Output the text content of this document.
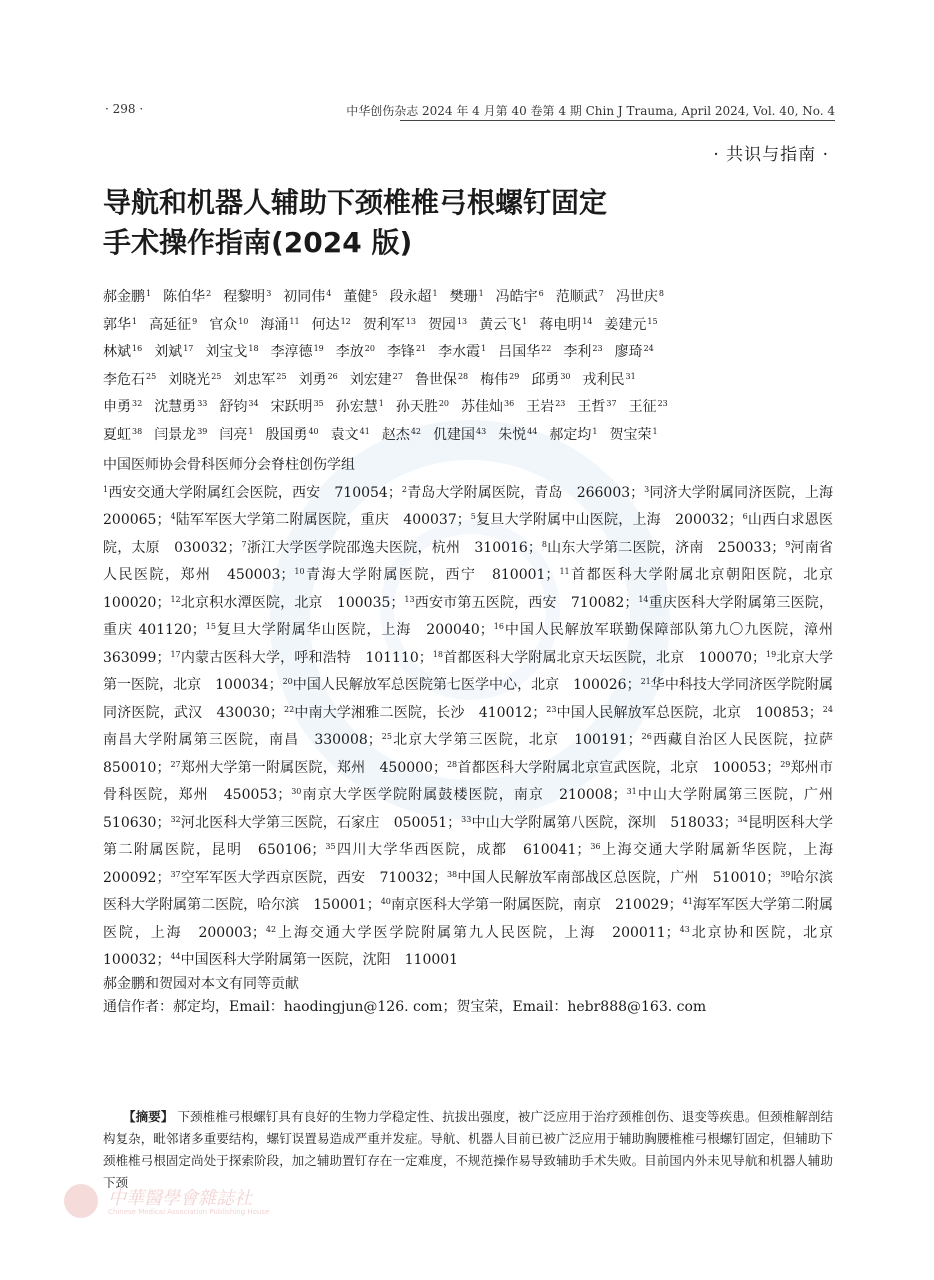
· 298 ·	中华创伤杂志 2024 年 4 月第 40 卷第 4 期 Chin J Trauma, April 2024, Vol. 40, No. 4
· 共识与指南 ·
导航和机器人辅助下颈椎椎弓根螺钉固定
手术操作指南(2024 版)
郝金鹏$^1$ 陈伯华$^2$ 程黎明$^3$ 初同伟$^4$ 董健$^5$ 段永超$^1$ 樊珊$^1$ 冯皓宇$^6$ 范顺武$^7$ 冯世庆$^8$郭华$^1$ 高延征$^9$ 官众$^{10}$ 海涌$^{11}$ 何达$^{12}$ 贺利军$^{13}$ 贺园$^{13}$ 黄云飞$^1$ 蒋电明$^{14}$ 姜建元$^{15}$林斌$^{16}$ 刘斌$^{17}$ 刘宝戈$^{18}$ 李淳德$^{19}$ 李放$^{20}$ 李锋$^{21}$ 李水霞$^1$ 吕国华$^{22}$ 李利$^{23}$ 廖琦$^{24}$李危石$^{25}$ 刘晓光$^{25}$ 刘忠军$^{25}$ 刘勇$^{26}$ 刘宏建$^{27}$ 鲁世保$^{28}$ 梅伟$^{29}$ 邱勇$^{30}$ 戎利民$^{31}$申勇$^{32}$ 沈慧勇$^{33}$ 舒钧$^{34}$ 宋跃明$^{35}$ 孙宏慧$^1$ 孙天胜$^{20}$ 苏佳灿$^{36}$ 王岩$^{23}$ 王哲$^{37}$ 王征$^{23}$夏虹$^{38}$ 闫景龙$^{39}$ 闫亮$^1$ 殷国勇$^{40}$ 袁文$^{41}$ 赵杰$^{42}$ 仉建国$^{43}$ 朱悦$^{44}$ 郝定均$^1$ 贺宝荣$^1$
中国医师协会骨科医师分会脊柱创伤学组
$^1$西安交通大学附属红会医院，西安　710054；$^2$青岛大学附属医院，青岛　266003；$^3$同济大学附属同济医院，上海　200065；$^4$陆军军医大学第二附属医院，重庆　400037；$^5$复旦大学附属中山医院，上海　200032；$^6$山西白求恩医院，太原　030032；$^7$浙江大学医学院邵逸夫医院，杭州　310016；$^8$山东大学第二医院，济南　250033；$^9$河南省人民医院，郑州　450003；$^{10}$青海大学附属医院，西宁　810001；$^{11}$首都医科大学附属北京朝阳医院，北京　100020；$^{12}$北京积水潭医院，北京　100035；$^{13}$西安市第五医院，西安　710082；$^{14}$重庆医科大学附属第三医院，重庆 401120；$^{15}$复旦大学附属华山医院，上海　200040；$^{16}$中国人民解放军联勤保障部队第九〇九医院，漳州　363099；$^{17}$内蒙古医科大学，呼和浩特　101110；$^{18}$首都医科大学附属北京天坛医院，北京　100070；$^{19}$北京大学第一医院，北京　100034；$^{20}$中国人民解放军总医院第七医学中心，北京　100026；$^{21}$华中科技大学同济医学院附属同济医院，武汉　430030；$^{22}$中南大学湘雅二医院，长沙　410012；$^{23}$中国人民解放军总医院，北京　100853；$^{24}$南昌大学附属第三医院，南昌　330008；$^{25}$北京大学第三医院，北京　100191；$^{26}$西藏自治区人民医院，拉萨　850010；$^{27}$郑州大学第一附属医院，郑州　450000；$^{28}$首都医科大学附属北京宣武医院，北京　100053；$^{29}$郑州市骨科医院，郑州　450053；$^{30}$南京大学医学院附属鼓楼医院，南京　210008；$^{31}$中山大学附属第三医院，广州　510630；$^{32}$河北医科大学第三医院，石家庄　050051；$^{33}$中山大学附属第八医院，深圳　518033；$^{34}$昆明医科大学第二附属医院，昆明　650106；$^{35}$四川大学华西医院，成都　610041；$^{36}$上海交通大学附属新华医院，上海　200092；$^{37}$空军军医大学西京医院，西安　710032；$^{38}$中国人民解放军南部战区总医院，广州　510010；$^{39}$哈尔滨医科大学附属第二医院，哈尔滨　150001；$^{40}$南京医科大学第一附属医院，南京　210029；$^{41}$海军军医大学第二附属医院，上海　200003；$^{42}$上海交通大学医学院附属第九人民医院，上海　200011；$^{43}$北京协和医院，北京　100032；$^{44}$中国医科大学附属第一医院，沈阳　110001
郝金鹏和贺园对本文有同等贡献
通信作者：郝定均，Email：haodingjun@126. com；贺宝荣，Email：hebr888@163. com
【摘要】 下颈椎椎弓根螺钉具有良好的生物力学稳定性、抗拔出强度，被广泛应用于治疗颈椎创伤、退变等疾患。但颈椎解剖结构复杂，毗邻诸多重要结构，螺钉误置易造成严重并发症。导航、机器人目前已被广泛应用于辅助胸腰椎椎弓根螺钉固定，但辅助下颈椎椎弓根固定尚处于探索阶段，加之辅助置钉存在一定难度，不规范操作易导致辅助手术失败。目前国内外未见导航和机器人辅助下颈
中華醫學會雜誌社
Chinese Medical Association Publishing House
